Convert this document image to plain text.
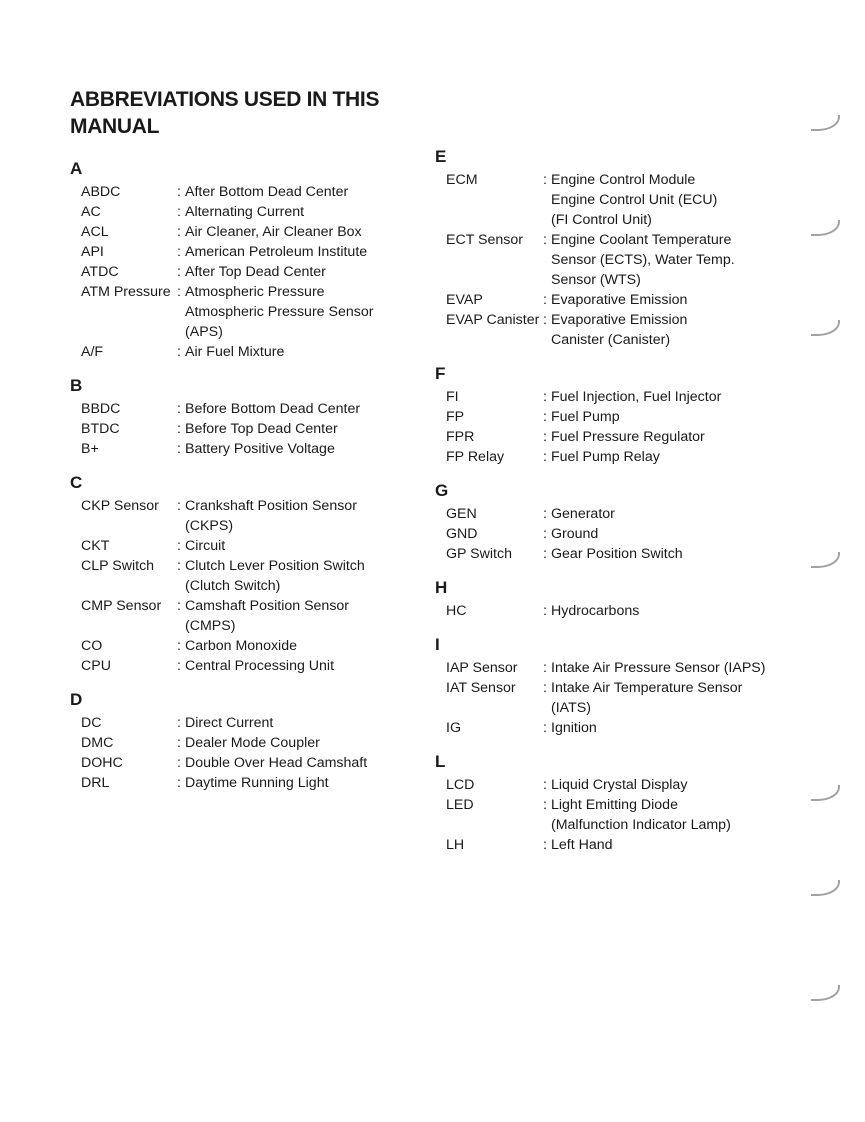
ABBREVIATIONS USED IN THIS
MANUAL
A
ABDC	: After Bottom Dead Center
AC	: Alternating Current
ACL	: Air Cleaner, Air Cleaner Box
API	: American Petroleum Institute
ATDC	: After Top Dead Center
ATM Pressure : Atmospheric Pressure
Atmospheric Pressure Sensor
(APS)
A/F	: Air Fuel Mixture
B
BBDC	: Before Bottom Dead Center
BTDC	: Before Top Dead Center
B+	: Battery Positive Voltage
C
CKP Sensor	: Crankshaft Position Sensor
(CKPS)
CKT	: Circuit
CLP Switch	: Clutch Lever Position Switch
(Clutch Switch)
CMP Sensor	: Camshaft Position Sensor
(CMPS)
CO	: Carbon Monoxide
CPU	: Central Processing Unit
D
DC	: Direct Current
DMC	: Dealer Mode Coupler
DOHC	: Double Over Head Camshaft
DRL	: Daytime Running Light
E
ECM	: Engine Control Module
Engine Control Unit (ECU)
(FI Control Unit)
ECT Sensor	: Engine Coolant Temperature
Sensor (ECTS), Water Temp.
Sensor (WTS)
EVAP	: Evaporative Emission
EVAP Canister : Evaporative Emission
Canister (Canister)
F
FI	: Fuel Injection, Fuel Injector
FP	: Fuel Pump
FPR	: Fuel Pressure Regulator
FP Relay	: Fuel Pump Relay
G
GEN	: Generator
GND	: Ground
GP Switch	: Gear Position Switch
H
HC	: Hydrocarbons
I
IAP Sensor	: Intake Air Pressure Sensor (IAPS)
IAT Sensor	: Intake Air Temperature Sensor
(IATS)
IG	: Ignition
L
LCD	: Liquid Crystal Display
LED	: Light Emitting Diode
(Malfunction Indicator Lamp)
LH	: Left Hand
